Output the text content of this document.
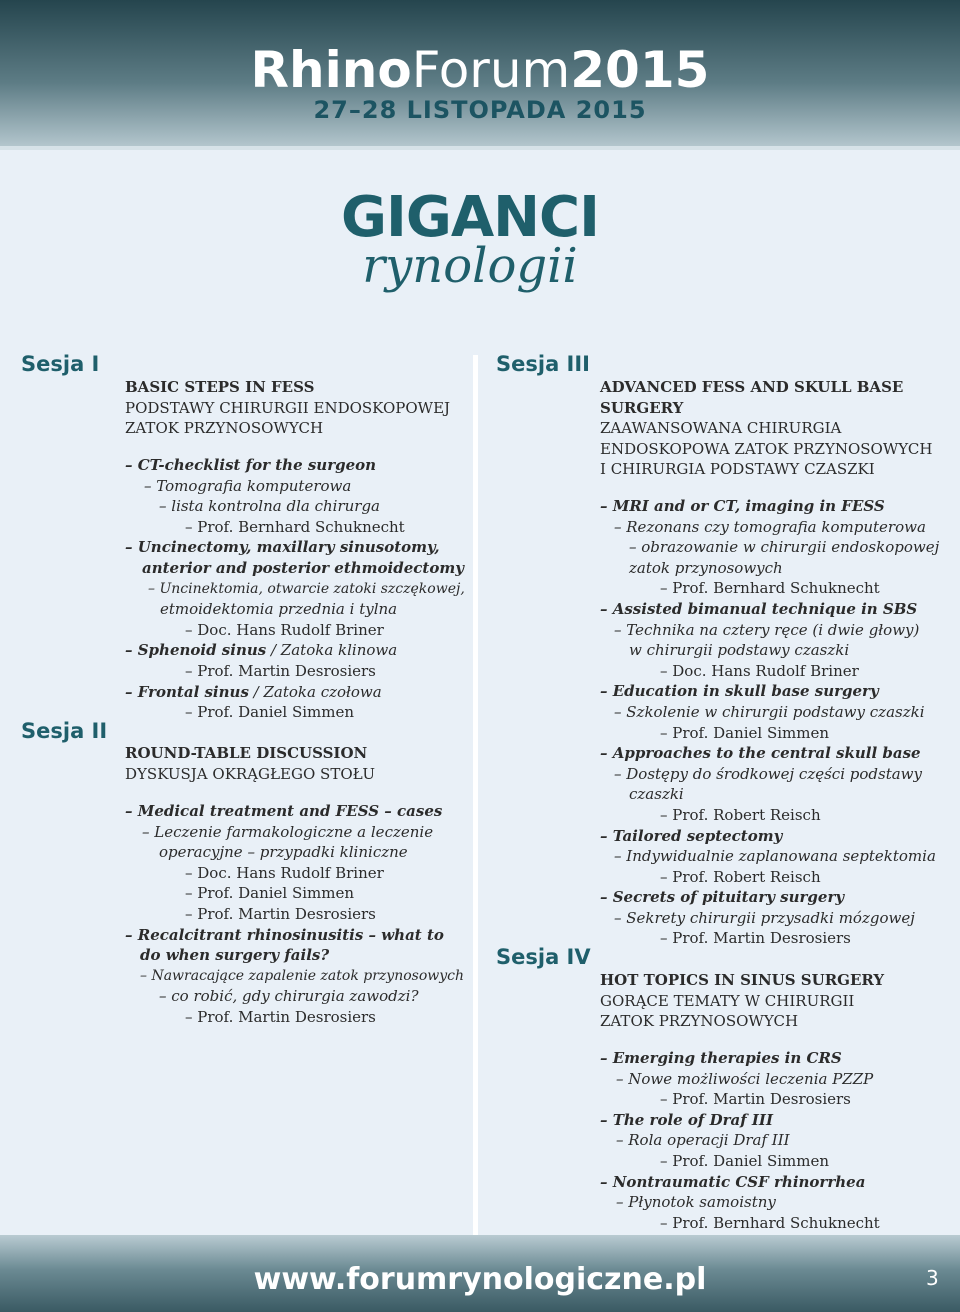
RhinoForum2015
27–28 LISTOPADA 2015
GIGANCI
rynologii
Sesja I
Sesja II
Sesja III
Sesja IV
BASIC STEPS IN FESS
PODSTAWY CHIRURGII ENDOSKOPOWEJ
ZATOK PRZYNOSOWYCH
– CT-checklist for the surgeon
– Tomografia komputerowa
– lista kontrolna dla chirurga
– Prof. Bernhard Schuknecht
– Uncinectomy, maxillary sinusotomy,
anterior and posterior ethmoidectomy
– Uncinektomia, otwarcie zatoki szczękowej,
etmoidektomia przednia i tylna
– Doc. Hans Rudolf Briner
– Sphenoid sinus / Zatoka klinowa
– Prof. Martin Desrosiers
– Frontal sinus / Zatoka czołowa
– Prof. Daniel Simmen
ROUND-TABLE DISCUSSION
DYSKUSJA OKRĄGŁEGO STOŁU
– Medical treatment and FESS – cases
– Leczenie farmakologiczne a leczenie
operacyjne – przypadki kliniczne
– Doc. Hans Rudolf Briner
– Prof. Daniel Simmen
– Prof. Martin Desrosiers
– Recalcitrant rhinosinusitis – what to
do when surgery fails?
– Nawracające zapalenie zatok przynosowych
– co robić, gdy chirurgia zawodzi?
– Prof. Martin Desrosiers
ADVANCED FESS AND SKULL BASE
SURGERY
ZAAWANSOWANA CHIRURGIA
ENDOSKOPOWA ZATOK PRZYNOSOWYCH
I CHIRURGIA PODSTAWY CZASZKI
– MRI and or CT, imaging in FESS
– Rezonans czy tomografia komputerowa
– obrazowanie w chirurgii endoskopowej
zatok przynosowych
– Prof. Bernhard Schuknecht
– Assisted bimanual technique in SBS
– Technika na cztery ręce (i dwie głowy)
w chirurgii podstawy czaszki
– Doc. Hans Rudolf Briner
– Education in skull base surgery
– Szkolenie w chirurgii podstawy czaszki
– Prof. Daniel Simmen
– Approaches to the central skull base
– Dostępy do środkowej części podstawy
czaszki
– Prof. Robert Reisch
– Tailored septectomy
– Indywidualnie zaplanowana septektomia
– Prof. Robert Reisch
– Secrets of pituitary surgery
– Sekrety chirurgii przysadki mózgowej
– Prof. Martin Desrosiers
HOT TOPICS IN SINUS SURGERY
GORĄCE TEMATY W CHIRURGII
ZATOK PRZYNOSOWYCH
– Emerging therapies in CRS
– Nowe możliwości leczenia PZZP
– Prof. Martin Desrosiers
– The role of Draf III
– Rola operacji Draf III
– Prof. Daniel Simmen
– Nontraumatic CSF rhinorrhea
– Płynotok samoistny
– Prof. Bernhard Schuknecht
www.forumrynologiczne.pl	3
